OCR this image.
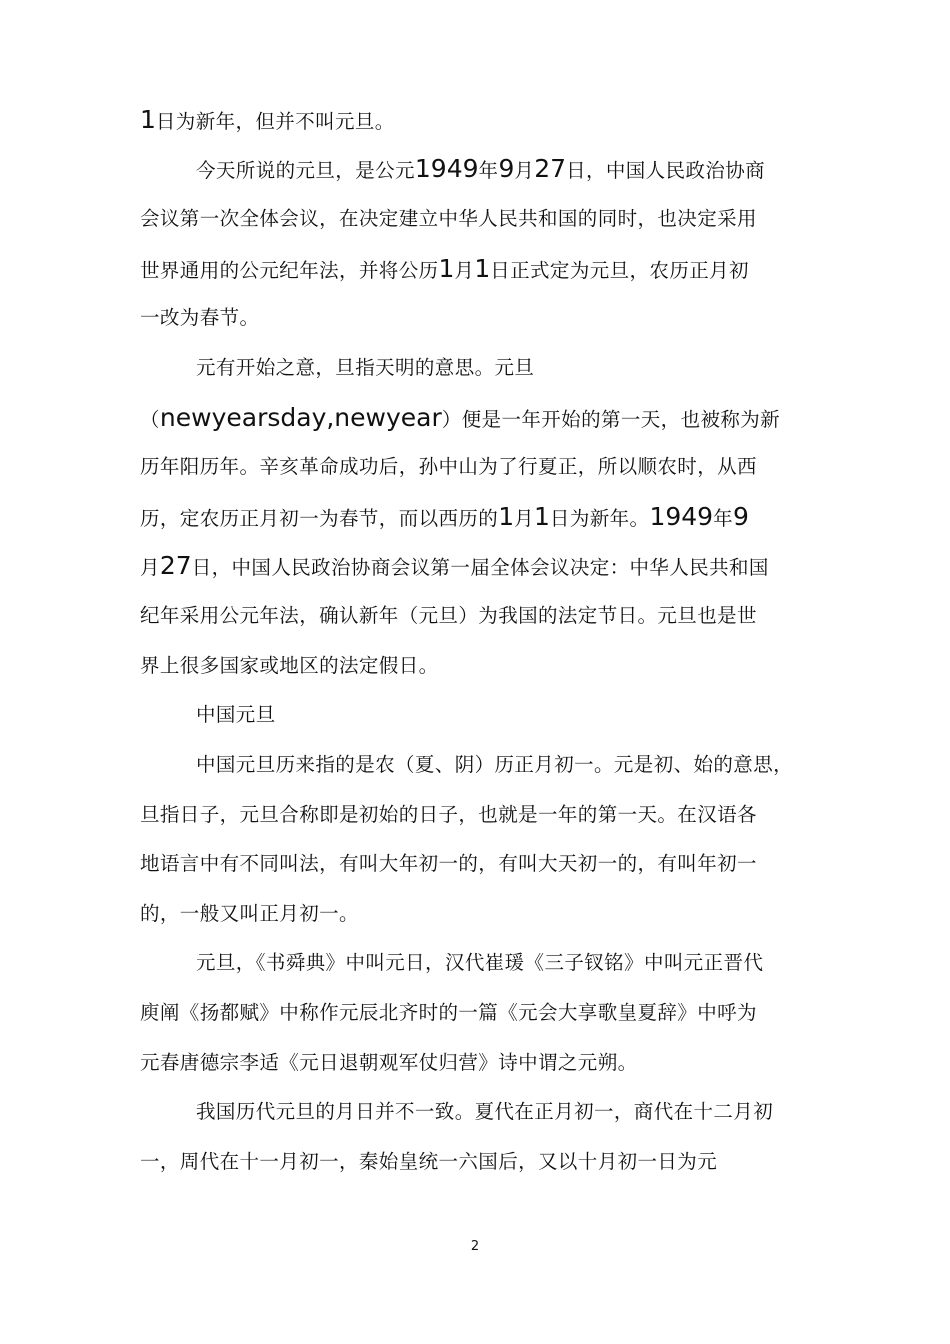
1日为新年，但并不叫元旦。
今天所说的元旦，是公元1949年9月27日，中国人民政治协商
会议第一次全体会议，在决定建立中华人民共和国的同时，也决定采用
世界通用的公元纪年法，并将公历1月1日正式定为元旦，农历正月初
一改为春节。
元有开始之意，旦指天明的意思。元旦
（newyearsday,newyear）便是一年开始的第一天，也被称为新
历年阳历年。辛亥革命成功后，孙中山为了行夏正，所以顺农时，从西
历，定农历正月初一为春节，而以西历的1月1日为新年。1949年9
月27日，中国人民政治协商会议第一届全体会议决定：中华人民共和国
纪年采用公元年法，确认新年（元旦）为我国的法定节日。元旦也是世
界上很多国家或地区的法定假日。
中国元旦
中国元旦历来指的是农（夏、阴）历正月初一。元是初、始的意思，
旦指日子，元旦合称即是初始的日子，也就是一年的第一天。在汉语各
地语言中有不同叫法，有叫大年初一的，有叫大天初一的，有叫年初一
的，一般又叫正月初一。
元旦，《书舜典》中叫元日，汉代崔瑗《三子钗铭》中叫元正晋代
庾阐《扬都赋》中称作元辰北齐时的一篇《元会大享歌皇夏辞》中呼为
元春唐德宗李适《元日退朝观军仗归营》诗中谓之元朔。
我国历代元旦的月日并不一致。夏代在正月初一，商代在十二月初
一，周代在十一月初一，秦始皇统一六国后，又以十月初一日为元
2
